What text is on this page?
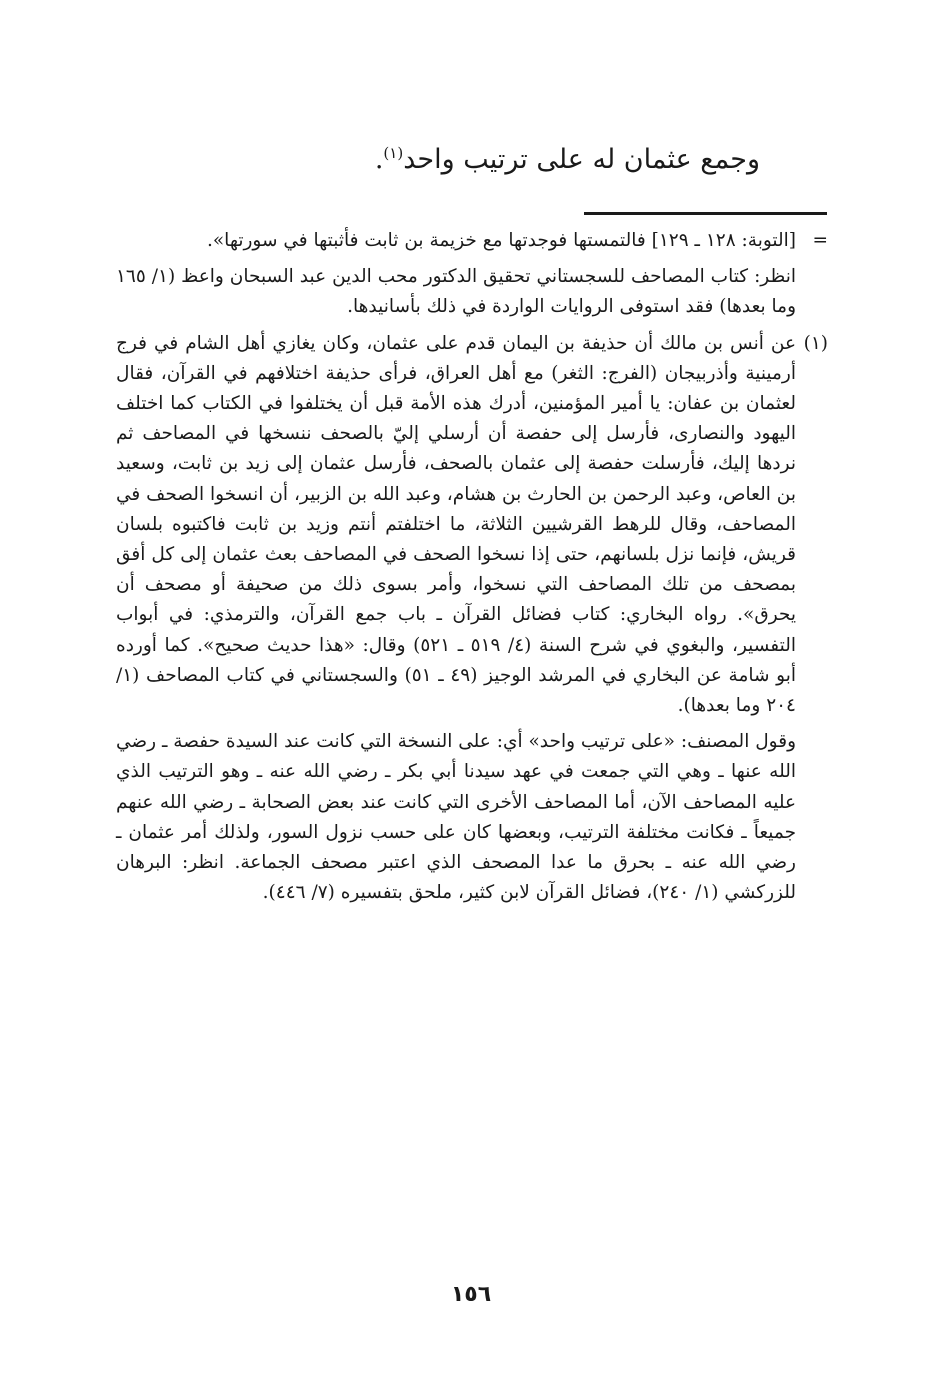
وجمع عثمان له على ترتيب واحد$^{(١)}$.
=

[التوبة: ١٢٨ ـ ١٢٩] فالتمستها فوجدتها مع خزيمة بن ثابت فأثبتها في سورتها».

انظر: كتاب المصاحف للسجستاني تحقيق الدكتور محب الدين عبد السبحان واعظ (١/ ١٦٥ وما بعدها) فقد استوفى الروايات الواردة في ذلك بأسانيدها.

(١)

عن أنس بن مالك أن حذيفة بن اليمان قدم على عثمان، وكان يغازي أهل الشام في فرج أرمينية وأذربيجان (الفرج: الثغر) مع أهل العراق، فرأى حذيفة اختلافهم في القرآن، فقال لعثمان بن عفان: يا أمير المؤمنين، أدرك هذه الأمة قبل أن يختلفوا في الكتاب كما اختلف اليهود والنصارى، فأرسل إلى حفصة أن أرسلي إليّ بالصحف ننسخها في المصاحف ثم نردها إليك، فأرسلت حفصة إلى عثمان بالصحف، فأرسل عثمان إلى زيد بن ثابت، وسعيد بن العاص، وعبد الرحمن بن الحارث بن هشام، وعبد الله بن الزبير، أن انسخوا الصحف في المصاحف، وقال للرهط القرشيين الثلاثة، ما اختلفتم أنتم وزيد بن ثابت فاكتبوه بلسان قريش، فإنما نزل بلسانهم، حتى إذا نسخوا الصحف في المصاحف بعث عثمان إلى كل أفق بمصحف من تلك المصاحف التي نسخوا، وأمر بسوى ذلك من صحيفة أو مصحف أن يحرق». رواه البخاري: كتاب فضائل القرآن ـ باب جمع القرآن، والترمذي: في أبواب التفسير، والبغوي في شرح السنة (٤/ ٥١٩ ـ ٥٢١) وقال: «هذا حديث صحيح». كما أورده أبو شامة عن البخاري في المرشد الوجيز (٤٩ ـ ٥١) والسجستاني في كتاب المصاحف (١/ ٢٠٤ وما بعدها).

وقول المصنف: «على ترتيب واحد» أي: على النسخة التي كانت عند السيدة حفصة ـ رضي الله عنها ـ وهي التي جمعت في عهد سيدنا أبي بكر ـ رضي الله عنه ـ وهو الترتيب الذي عليه المصاحف الآن، أما المصاحف الأخرى التي كانت عند بعض الصحابة ـ رضي الله عنهم جميعاً ـ فكانت مختلفة الترتيب، وبعضها كان على حسب نزول السور، ولذلك أمر عثمان ـ رضي الله عنه ـ بحرق ما عدا المصحف الذي اعتبر مصحف الجماعة. انظر: البرهان للزركشي (١/ ٢٤٠)، فضائل القرآن لابن كثير، ملحق بتفسيره (٧/ ٤٤٦).

١٥٦
